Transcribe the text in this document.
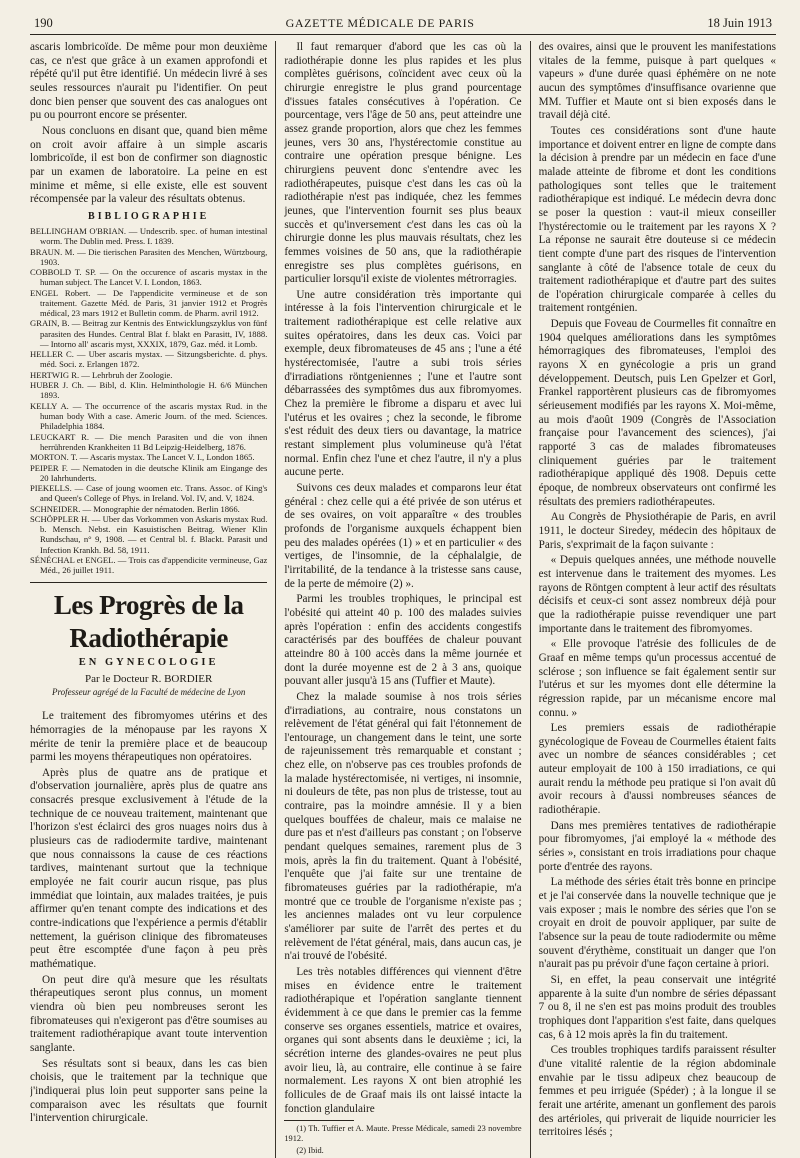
190	GAZETTE MÉDICALE DE PARIS	18 Juin 1913

ascaris lombricoïde. De même pour mon deuxième cas, ce n'est que grâce à un examen approfondi et répété qu'il put être identifié. Un médecin livré à ses seules ressources n'aurait pu l'identifier. On peut donc bien penser que souvent des cas analogues ont pu ou pourront encore se présenter.

Nous concluons en disant que, quand bien même on croit avoir affaire à un simple ascaris lombricoïde, il est bon de confirmer son diagnostic par un examen de laboratoire. La peine en est minime et même, si elle existe, elle est souvent récompensée par la valeur des résultats obtenus.

BIBLIOGRAPHIE
BELLINGHAM O'BRIAN. — Undescrib. spec. of human intestinal worm. The Dublin med. Press. I. 1839.
BRAUN. M. — Die tierischen Parasiten des Menchen, Würtzbourg, 1903.
COBBOLD T. SP. — On the occurence of ascaris mystax in the human subject. The Lancet V. I. London, 1863.
ENGEL Robert. — De l'appendicite vermineuse et de son traitement. Gazette Méd. de Paris, 31 janvier 1912 et Progrès médical, 23 mars 1912 et Bulletin comm. de Pharm. avril 1912.
GRAIN, B. — Beitrag zur Kentnis des Entwicklungszyklus von fünf parasiten des Hundes. Central Blat f. blakt en Parasitt, IV, 1888. — Intorno all' ascaris myst, XXXIX, 1879, Gaz. méd. it Lomb.
HELLER C. — Uber ascaris mystax. — Sitzungsberichte. d. phys. méd. Soci. z. Erlangen 1872.
HERTWIG R. — Lehrbruh der Zoologie.
HUBER J. Ch. — Bibl, d. Klin. Helminthologie H. 6/6 München 1893.
KELLY A. — The occurrence of the ascaris mystax Rud. in the human body With a case. Americ Journ. of the med. Sciences. Philadelphia 1884.
LEUCKART R. — Die mench Parasiten und die von ihnen herrührenden Krankheiten 11 Bd Leipzig-Heidelberg, 1876.
MORTON. T. — Ascaris mystax. The Lancet V. I., London 1865.
PEIPER F. — Nematoden in die deutsche Klinik am Eingange des 20 Iahrhunderts.
PIEKELLS. — Case of joung woomen etc. Trans. Assoc. of King's and Queen's College of Phys. in Ireland. Vol. IV, and. V, 1824.
SCHNEIDER. — Monographie der nématoden. Berlin 1866.
SCHÖPPLER H. — Uber das Vorkommen von Askaris mystax Rud. b. Mensch. Nebst. ein Kasuistischen Beitrag. Wiener Klin Rundschau, n° 9, 1908. — et Central bl. f. Blackt. Parasit und Infection Krankh. Bd. 58, 1911.
SÉNÉCHAL et ENGEL. — Trois cas d'appendicite vermineuse, Gaz Méd., 26 juillet 1911.
Les Progrès de la Radiothérapie
EN GYNECOLOGIE
Par le Docteur R. BORDIER
Professeur agrégé de la Faculté de médecine de Lyon

Le traitement des fibromyomes utérins et des hémorragies de la ménopause par les rayons X mérite de tenir la première place et de beaucoup parmi les moyens thérapeutiques non opératoires.

Après plus de quatre ans de pratique et d'observation journalière, après plus de quatre ans consacrés presque exclusivement à l'étude de la technique de ce nouveau traitement, maintenant que l'horizon s'est éclairci des gros nuages noirs dus à plusieurs cas de radiodermite tardive, maintenant que nous connaissons la cause de ces réactions tardives, maintenant surtout que la technique employée ne fait courir aucun risque, pas plus immédiat que lointain, aux malades traitées, je puis affirmer qu'en tenant compte des indications et des contre-indications que l'expérience a permis d'établir nettement, la guérison clinique des fibromateuses peut être escomptée d'une façon à peu près mathématique.

On peut dire qu'à mesure que les résultats thérapeutiques seront plus connus, un moment viendra où bien peu nombreuses seront les fibromateuses qui n'exigeront pas d'être soumises au traitement radiothérapique avant toute intervention sanglante.

Ses résultats sont si beaux, dans les cas bien choisis, que le traitement par la technique que j'indiquerai plus loin peut supporter sans peine la comparaison avec les résultats que fournit l'intervention chirurgicale.

Il faut remarquer d'abord que les cas où la radiothérapie donne les plus rapides et les plus complètes guérisons, coïncident avec ceux où la chirurgie enregistre le plus grand pourcentage d'issues fatales consécutives à l'opération. Ce pourcentage, vers l'âge de 50 ans, peut atteindre une assez grande proportion, alors que chez les femmes jeunes, vers 30 ans, l'hystérectomie constitue au contraire une opération presque bénigne. Les chirurgiens peuvent donc s'entendre avec les radiothérapeutes, puisque c'est dans les cas où la radiothérapie n'est pas indiquée, chez les femmes jeunes, que l'intervention fournit ses plus beaux succès et qu'inversement c'est dans les cas où la chirurgie donne les plus mauvais résultats, chez les femmes voisines de 50 ans, que la radiothérapie enregistre ses plus complètes guérisons, en particulier lorsqu'il existe de violentes métrorragies.

Une autre considération très importante qui intéresse à la fois l'intervention chirurgicale et le traitement radiothérapique est celle relative aux suites opératoires, dans les deux cas. Voici par exemple, deux fibromateuses de 45 ans ; l'une a été hystérectomisée, l'autre a subi trois séries d'irradiations röntgeniennes ; l'une et l'autre sont débarrassées des symptômes dus aux fibromyomes. Chez la première le fibrome a disparu et avec lui l'utérus et les ovaires ; chez la seconde, le fibrome s'est réduit des deux tiers ou davantage, la matrice restant simplement plus volumineuse qu'à l'état normal. Enfin chez l'une et chez l'autre, il n'y a plus aucune perte.

Suivons ces deux malades et comparons leur état général : chez celle qui a été privée de son utérus et de ses ovaires, on voit apparaître « des troubles profonds de l'organisme auxquels échappent bien peu des malades opérées (1) » et en particulier « des vertiges, de l'insomnie, de la céphalalgie, de l'irritabilité, de la tendance à la tristesse sans cause, de la perte de mémoire (2) ».

Parmi les troubles trophiques, le principal est l'obésité qui atteint 40 p. 100 des malades suivies après l'opération : enfin des accidents congestifs caractérisés par des bouffées de chaleur pouvant atteindre 80 à 100 accès dans la même journée et dont la durée moyenne est de 2 à 3 ans, quoique pouvant aller jusqu'à 15 ans (Tuffier et Maute).

Chez la malade soumise à nos trois séries d'irradiations, au contraire, nous constatons un relèvement de l'état général qui fait l'étonnement de l'entourage, un changement dans le teint, une sorte de rajeunissement très remarquable et constant ; chez elle, on n'observe pas ces troubles profonds de la malade hystérectomisée, ni vertiges, ni insomnie, ni douleurs de tête, pas non plus de tristesse, tout au contraire, pas la moindre amnésie. Il y a bien quelques bouffées de chaleur, mais ce malaise ne dure pas et n'est d'ailleurs pas constant ; on l'observe pendant quelques semaines, rarement plus de 3 mois, après la fin du traitement. Quant à l'obésité, l'enquête que j'ai faite sur une trentaine de fibromateuses guéries par la radiothérapie, m'a montré que ce trouble de l'organisme n'existe pas ; les anciennes malades ont vu leur corpulence s'améliorer par suite de l'arrêt des pertes et du relèvement de l'état général, mais, dans aucun cas, je n'ai trouvé de l'obésité.

Les très notables différences qui viennent d'être mises en évidence entre le traitement radiothérapique et l'opération sanglante tiennent évidemment à ce que dans le premier cas la femme conserve ses organes essentiels, matrice et ovaires, organes qui sont absents dans le deuxième ; ici, la sécrétion interne des glandes-ovaires ne peut plus avoir lieu, là, au contraire, elle continue à se faire normalement. Les rayons X ont bien atrophié les follicules de de Graaf mais ils ont laissé intacte la fonction glandulaire

(1) Th. Tuffier et A. Maute. Presse Médicale, samedi 23 novembre 1912.

(2) Ibid.

des ovaires, ainsi que le prouvent les manifestations vitales de la femme, puisque à part quelques « vapeurs » d'une durée quasi éphémère on ne note aucun des symptômes d'insuffisance ovarienne que MM. Tuffier et Maute ont si bien exposés dans le travail déjà cité.

Toutes ces considérations sont d'une haute importance et doivent entrer en ligne de compte dans la décision à prendre par un médecin en face d'une malade atteinte de fibrome et dont les conditions pathologiques sont telles que le traitement radiothérapique est indiqué. Le médecin devra donc se poser la question : vaut-il mieux conseiller l'hystérectomie ou le traitement par les rayons X ? La réponse ne saurait être douteuse si ce médecin tient compte d'une part des risques de l'intervention sanglante à côté de l'absence totale de ceux du traitement radiothérapique et d'autre part des suites de l'opération chirurgicale comparée à celles du traitement rontgénien.

Depuis que Foveau de Courmelles fit connaître en 1904 quelques améliorations dans les symptômes hémorragiques des fibromateuses, l'emploi des rayons X en gynécologie a pris un grand développement. Deutsch, puis Len Gpelzer et Gorl, Frankel rapportèrent plusieurs cas de fibromyomes sérieusement modifiés par les rayons X. Moi-même, au mois d'août 1909 (Congrès de l'Association française pour l'avancement des sciences), j'ai rapporté 3 cas de malades fibromateuses cliniquement guéries par le traitement radiothérapique appliqué dès 1908. Depuis cette époque, de nombreux observateurs ont confirmé les résultats des premiers radiothérapeutes.

Au Congrès de Physiothérapie de Paris, en avril 1911, le docteur Siredey, médecin des hôpitaux de Paris, s'exprimait de la façon suivante :

« Depuis quelques années, une méthode nouvelle est intervenue dans le traitement des myomes. Les rayons de Röntgen comptent à leur actif des résultats décisifs et ceux-ci sont assez nombreux déjà pour que la radiothérapie puisse revendiquer une part importante dans le traitement des fibromyomes.

« Elle provoque l'atrésie des follicules de de Graaf en même temps qu'un processus accentué de sclérose ; son influence se fait également sentir sur l'utérus et sur les myomes dont elle détermine la régression rapide, par un mécanisme encore mal connu. »

Les premiers essais de radiothérapie gynécologique de Foveau de Courmelles étaient faits avec un nombre de séances considérables ; cet auteur employait de 100 à 150 irradiations, ce qui aurait rendu la méthode peu pratique si l'on avait dû avoir recours à d'aussi nombreuses séances de radiothérapie.

Dans mes premières tentatives de radiothérapie pour fibromyomes, j'ai employé la « méthode des séries », consistant en trois irradiations pour chaque porte d'entrée des rayons.

La méthode des séries était très bonne en principe et je l'ai conservée dans la nouvelle technique que je vais exposer ; mais le nombre des séries que l'on se croyait en droit de pouvoir appliquer, par suite de l'absence sur la peau de toute radiodermite ou même souvent d'érythème, constituait un danger que l'on n'aurait pas pu prévoir d'une façon certaine à priori.

Si, en effet, la peau conservait une intégrité apparente à la suite d'un nombre de séries dépassant 7 ou 8, il ne s'en est pas moins produit des troubles trophiques dont l'apparition s'est faite, dans quelques cas, 6 à 12 mois après la fin du traitement.

Ces troubles trophiques tardifs paraissent résulter d'une vitalité ralentie de la région abdominale envahie par le tissu adipeux chez beaucoup de femmes et peu irriguée (Spéder) ; à la longue il se ferait une artérite, amenant un gonflement des parois des artérioles, qui priverait de liquide nourricier les territoires lésés ;
